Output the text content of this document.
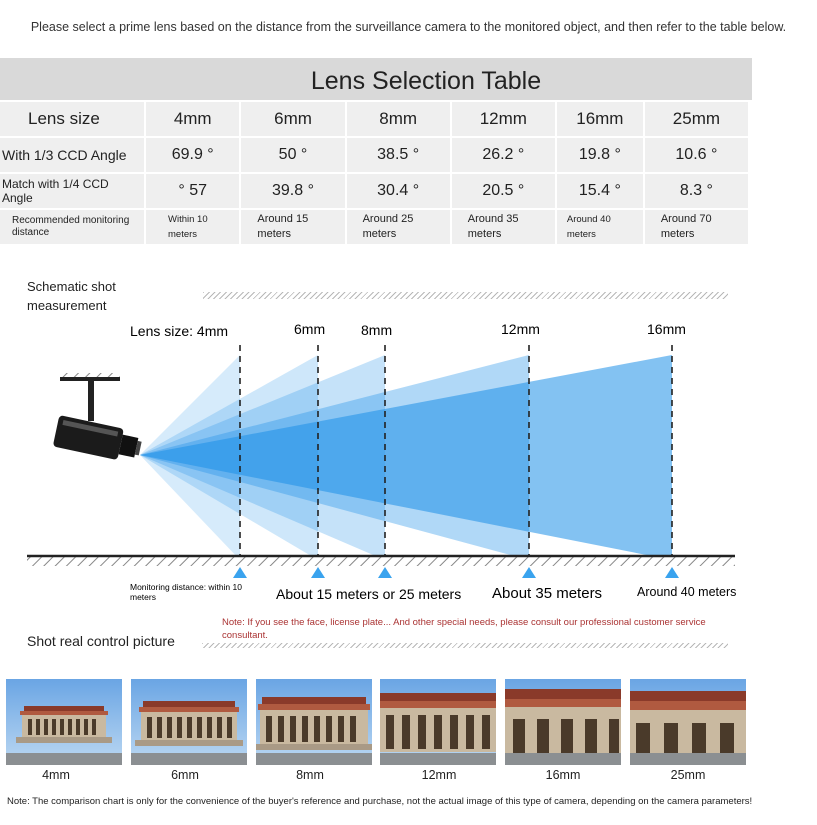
Please select a prime lens based on the distance from the surveillance camera to the monitored object, and then refer to the table below.
Lens Selection Table
Lens size	4mm	6mm	8mm	12mm	16mm	25mm
With 1/3 CCD Angle	69.9 °	50 °	38.5 °	26.2 °	19.8 °	10.6 °
Match with 1/4 CCD Angle	° 57	39.8 °	30.4 °	20.5 °	15.4 °	8.3 °
Recommended monitoring distance	Within 10 meters	Around 15 meters	Around 25 meters	Around 35 meters	Around 40 meters	Around 70 meters
Schematic shot measurement
Lens size: 4mm	6mm	8mm	12mm	16mm
Monitoring distance: within 10 meters	About 15 meters or 25 meters About 35 meters	Around 40 meters
Note: If you see the face, license plate... And other special needs, please consult our professional customer service consultant.
Shot real control picture
4mm	6mm	8mm	12mm	16mm	25mm
Note: The comparison chart is only for the convenience of the buyer's reference and purchase, not the actual image of this type of camera, depending on the camera parameters!
